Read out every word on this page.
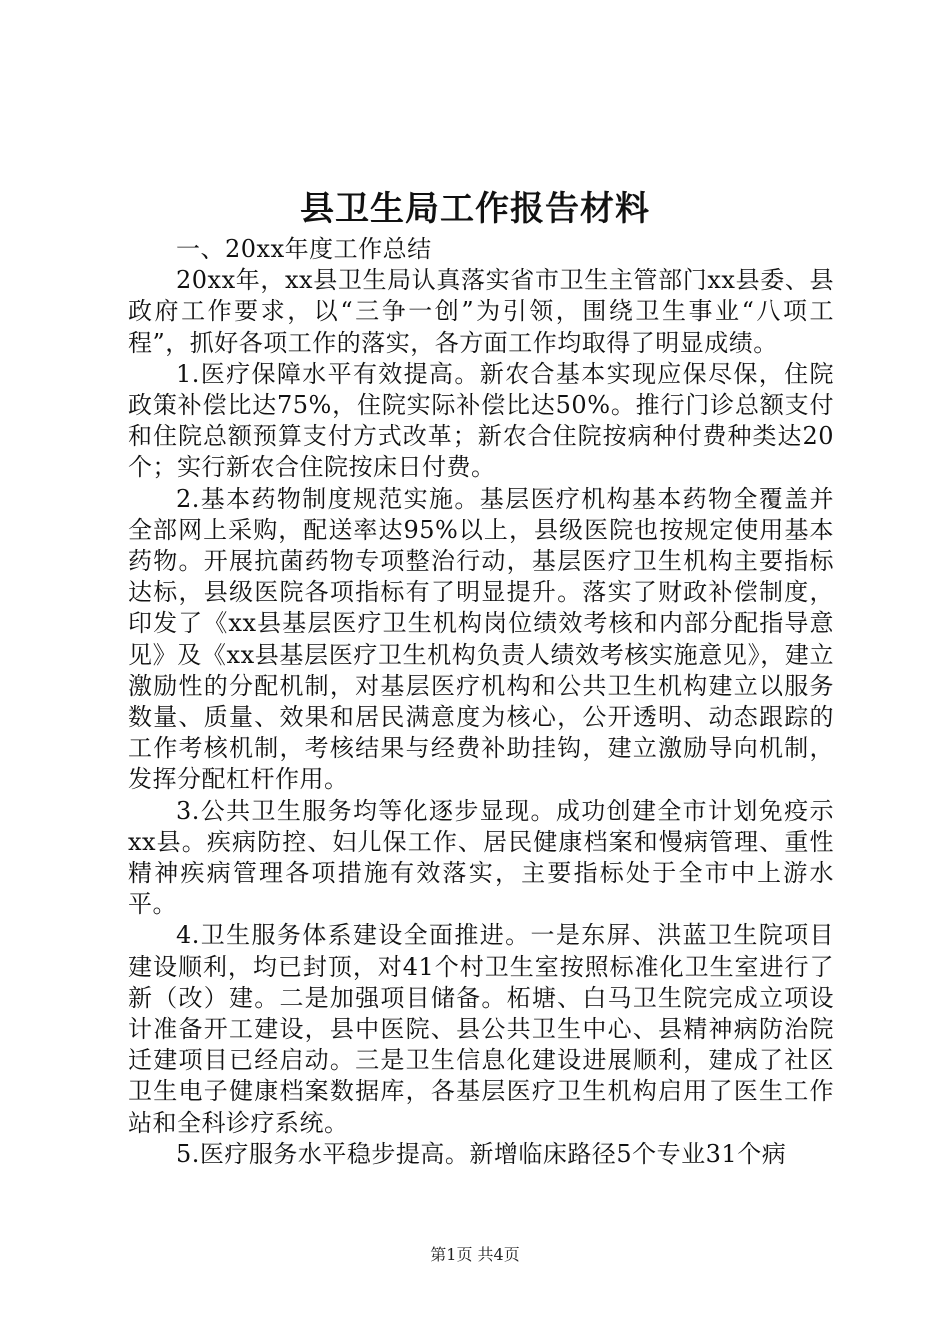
县卫生局工作报告材料

一、20xx年度工作总结

20xx年，xx县卫生局认真落实省市卫生主管部门xx县委、县政府工作要求，以“三争一创”为引领，围绕卫生事业“八项工程”，抓好各项工作的落实，各方面工作均取得了明显成绩。

1.医疗保障水平有效提高。新农合基本实现应保尽保，住院政策补偿比达75%，住院实际补偿比达50%。推行门诊总额支付和住院总额预算支付方式改革；新农合住院按病种付费种类达20个；实行新农合住院按床日付费。

2.基本药物制度规范实施。基层医疗机构基本药物全覆盖并全部网上采购，配送率达95%以上，县级医院也按规定使用基本药物。开展抗菌药物专项整治行动，基层医疗卫生机构主要指标达标，县级医院各项指标有了明显提升。落实了财政补偿制度，印发了《xx县基层医疗卫生机构岗位绩效考核和内部分配指导意见》及《xx县基层医疗卫生机构负责人绩效考核实施意见》，建立激励性的分配机制，对基层医疗机构和公共卫生机构建立以服务数量、质量、效果和居民满意度为核心，公开透明、动态跟踪的工作考核机制，考核结果与经费补助挂钩，建立激励导向机制，发挥分配杠杆作用。

3.公共卫生服务均等化逐步显现。成功创建全市计划免疫示xx县。疾病防控、妇儿保工作、居民健康档案和慢病管理、重性精神疾病管理各项措施有效落实，主要指标处于全市中上游水平。

4.卫生服务体系建设全面推进。一是东屏、洪蓝卫生院项目建设顺利，均已封顶，对41个村卫生室按照标准化卫生室进行了新（改）建。二是加强项目储备。柘塘、白马卫生院完成立项设计准备开工建设，县中医院、县公共卫生中心、县精神病防治院迁建项目已经启动。三是卫生信息化建设进展顺利，建成了社区卫生电子健康档案数据库，各基层医疗卫生机构启用了医生工作站和全科诊疗系统。

5.医疗服务水平稳步提高。新增临床路径5个专业31个病

第1页 共4页
